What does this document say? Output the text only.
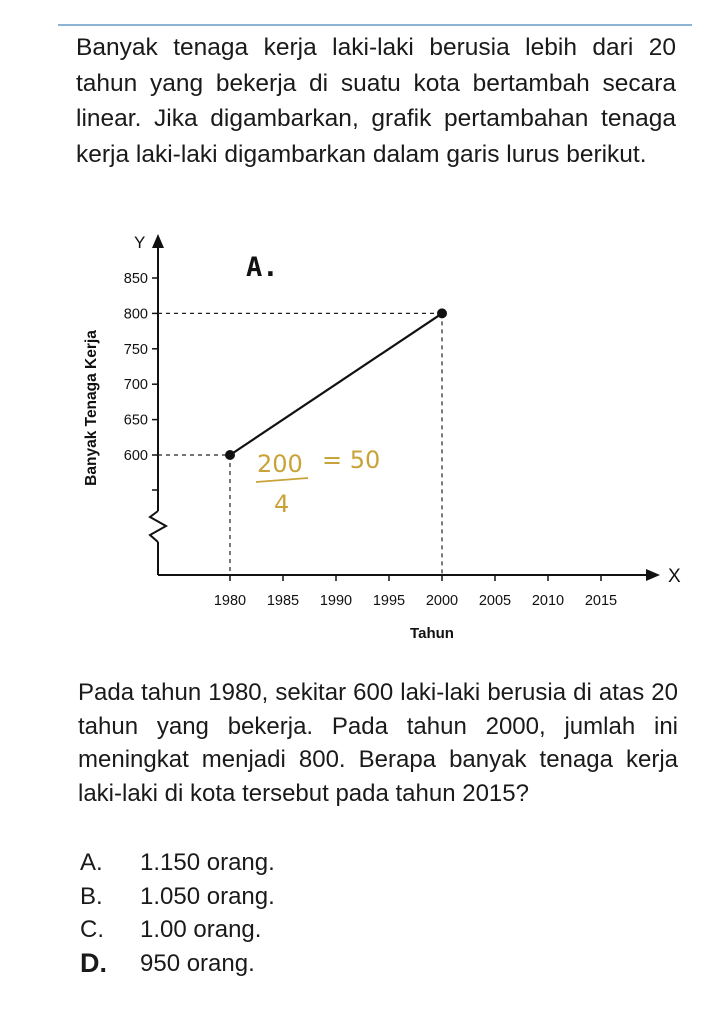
Banyak tenaga kerja laki-laki berusia lebih dari 20 tahun yang bekerja di suatu kota bertambah secara linear. Jika digambarkan, grafik pertambahan tenaga kerja laki-laki digambarkan dalam garis lurus berikut.
Y
X
600
650
700
750
800
850
1980 1985 1990 1995 2000 2005 2010 2015
Tahun
Banyak Tenaga Kerja
A.
200
4
= 50
Pada tahun 1980, sekitar 600 laki-laki berusia di atas 20 tahun yang bekerja. Pada tahun 2000, jumlah ini meningkat menjadi 800. Berapa banyak tenaga kerja laki-laki di kota tersebut pada tahun 2015?
A.	1.150 orang.
B.	1.050 orang.
C.	1.00 orang.
D.	950 orang.
